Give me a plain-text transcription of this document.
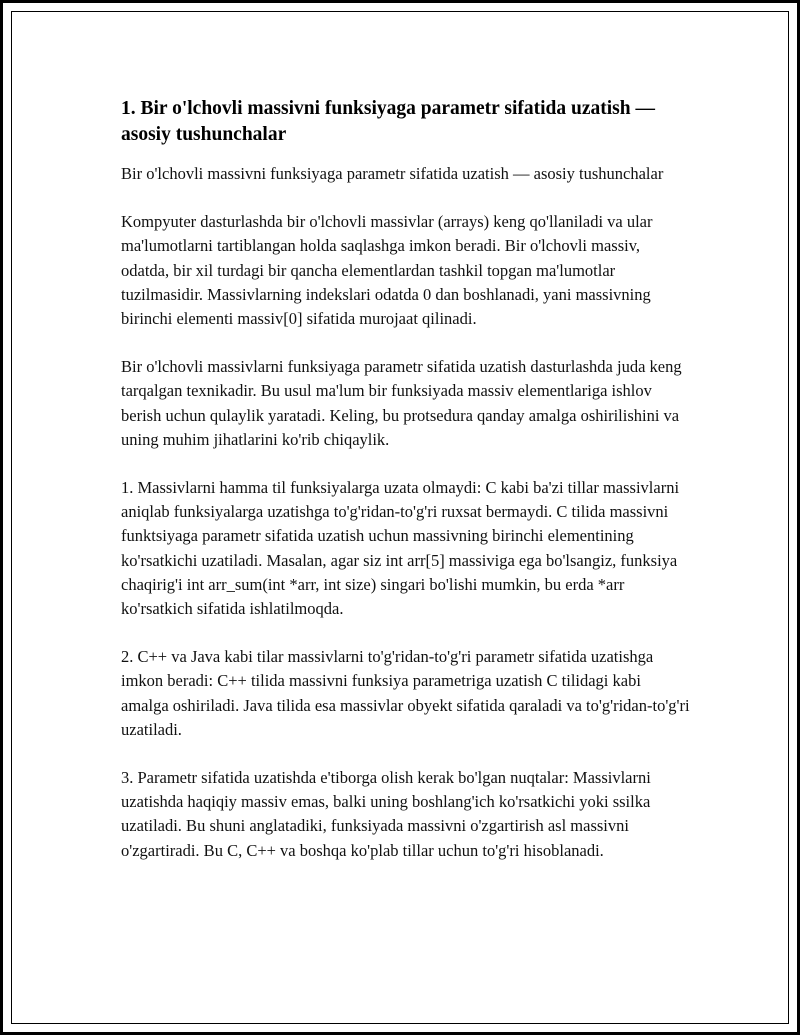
1. Bir o'lchovli massivni funksiyaga parametr sifatida uzatish — asosiy tushunchalar

Bir o'lchovli massivni funksiyaga parametr sifatida uzatish — asosiy tushunchalar

Kompyuter dasturlashda bir o'lchovli massivlar (arrays) keng qo'llaniladi va ular ma'lumotlarni tartiblangan holda saqlashga imkon beradi. Bir o'lchovli massiv, odatda, bir xil turdagi bir qancha elementlardan tashkil topgan ma'lumotlar tuzilmasidir. Massivlarning indekslari odatda 0 dan boshlanadi, yani massivning birinchi elementi massiv[0] sifatida murojaat qilinadi.

Bir o'lchovli massivlarni funksiyaga parametr sifatida uzatish dasturlashda juda keng tarqalgan texnikadir. Bu usul ma'lum bir funksiyada massiv elementlariga ishlov berish uchun qulaylik yaratadi. Keling, bu protsedura qanday amalga oshirilishini va uning muhim jihatlarini ko'rib chiqaylik.

1. Massivlarni hamma til funksiyalarga uzata olmaydi: C kabi ba'zi tillar massivlarni aniqlab funksiyalarga uzatishga to'g'ridan-to'g'ri ruxsat bermaydi. C tilida massivni funktsiyaga parametr sifatida uzatish uchun massivning birinchi elementining ko'rsatkichi uzatiladi. Masalan, agar siz int arr[5] massiviga ega bo'lsangiz, funksiya chaqirig'i int arr_sum(int *arr, int size) singari bo'lishi mumkin, bu erda *arr ko'rsatkich sifatida ishlatilmoqda.

2. C++ va Java kabi tilar massivlarni to'g'ridan-to'g'ri parametr sifatida uzatishga imkon beradi: C++ tilida massivni funksiya parametriga uzatish C tilidagi kabi amalga oshiriladi. Java tilida esa massivlar obyekt sifatida qaraladi va to'g'ridan-to'g'ri uzatiladi.

3. Parametr sifatida uzatishda e'tiborga olish kerak bo'lgan nuqtalar: Massivlarni uzatishda haqiqiy massiv emas, balki uning boshlang'ich ko'rsatkichi yoki ssilka uzatiladi. Bu shuni anglatadiki, funksiyada massivni o'zgartirish asl massivni o'zgartiradi. Bu C, C++ va boshqa ko'plab tillar uchun to'g'ri hisoblanadi.
